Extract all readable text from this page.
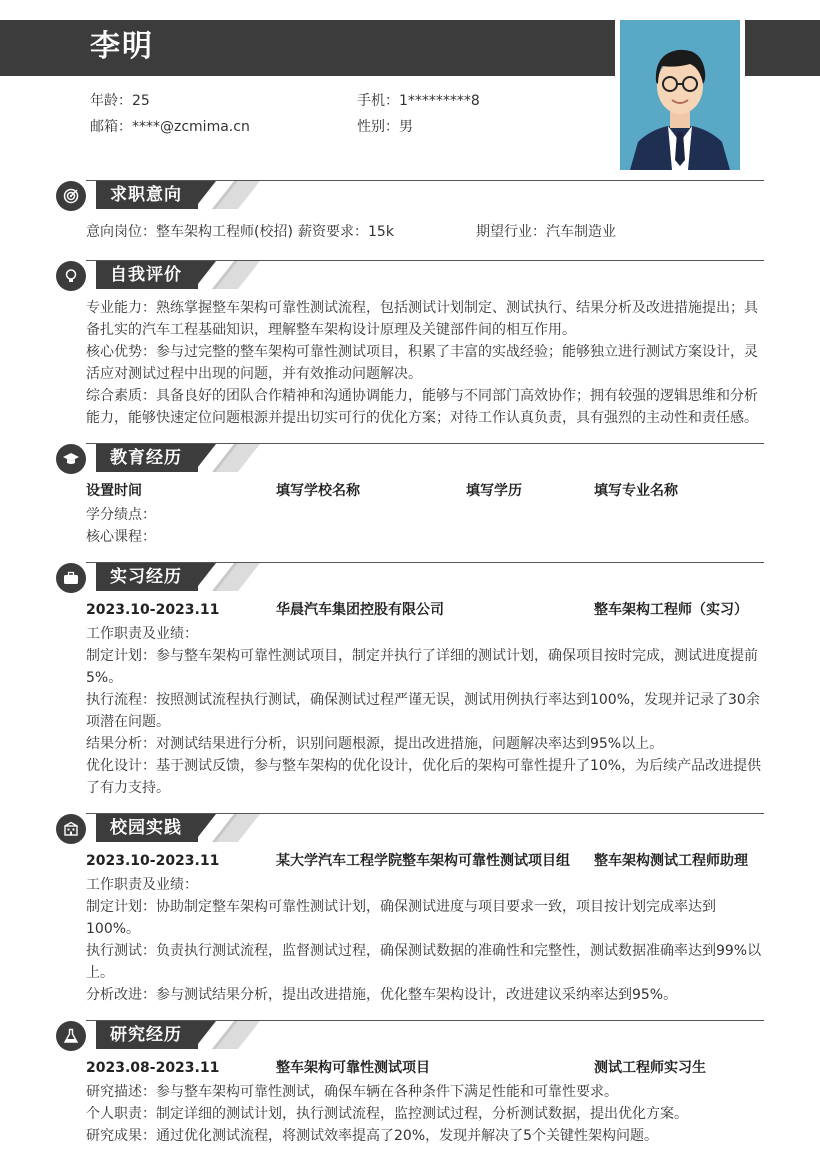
李明
年龄：25	手机：1*********8
邮箱：****@zcmima.cn	性别：男
求职意向
意向岗位：整车架构工程师(校招) 薪资要求：15k	期望行业：汽车制造业
自我评价
专业能力：熟练掌握整车架构可靠性测试流程，包括测试计划制定、测试执行、结果分析及改进措施提出；具备扎实的汽车工程基础知识，理解整车架构设计原理及关键部件间的相互作用。
核心优势：参与过完整的整车架构可靠性测试项目，积累了丰富的实战经验；能够独立进行测试方案设计，灵活应对测试过程中出现的问题，并有效推动问题解决。
综合素质：具备良好的团队合作精神和沟通协调能力，能够与不同部门高效协作；拥有较强的逻辑思维和分析能力，能够快速定位问题根源并提出切实可行的优化方案；对待工作认真负责，具有强烈的主动性和责任感。
教育经历
设置时间	填写学校名称	填写学历	填写专业名称
学分绩点：
核心课程：
实习经历
2023.10-2023.11	华晨汽车集团控股有限公司	整车架构工程师（实习）
工作职责及业绩：
制定计划：参与整车架构可靠性测试项目，制定并执行了详细的测试计划，确保项目按时完成，测试进度提前5%。
执行流程：按照测试流程执行测试，确保测试过程严谨无误，测试用例执行率达到100%，发现并记录了30余项潜在问题。
结果分析：对测试结果进行分析，识别问题根源，提出改进措施，问题解决率达到95%以上。
优化设计：基于测试反馈，参与整车架构的优化设计，优化后的架构可靠性提升了10%，为后续产品改进提供了有力支持。
校园实践
2023.10-2023.11	某大学汽车工程学院整车架构可靠性测试项目组 整车架构测试工程师助理
工作职责及业绩：
制定计划：协助制定整车架构可靠性测试计划，确保测试进度与项目要求一致，项目按计划完成率达到100%。
执行测试：负责执行测试流程，监督测试过程，确保测试数据的准确性和完整性，测试数据准确率达到99%以上。
分析改进：参与测试结果分析，提出改进措施，优化整车架构设计，改进建议采纳率达到95%。
研究经历
2023.08-2023.11	整车架构可靠性测试项目	测试工程师实习生
研究描述：参与整车架构可靠性测试，确保车辆在各种条件下满足性能和可靠性要求。
个人职责：制定详细的测试计划，执行测试流程，监控测试过程，分析测试数据，提出优化方案。
研究成果：通过优化测试流程，将测试效率提高了20%，发现并解决了5个关键性架构问题。
